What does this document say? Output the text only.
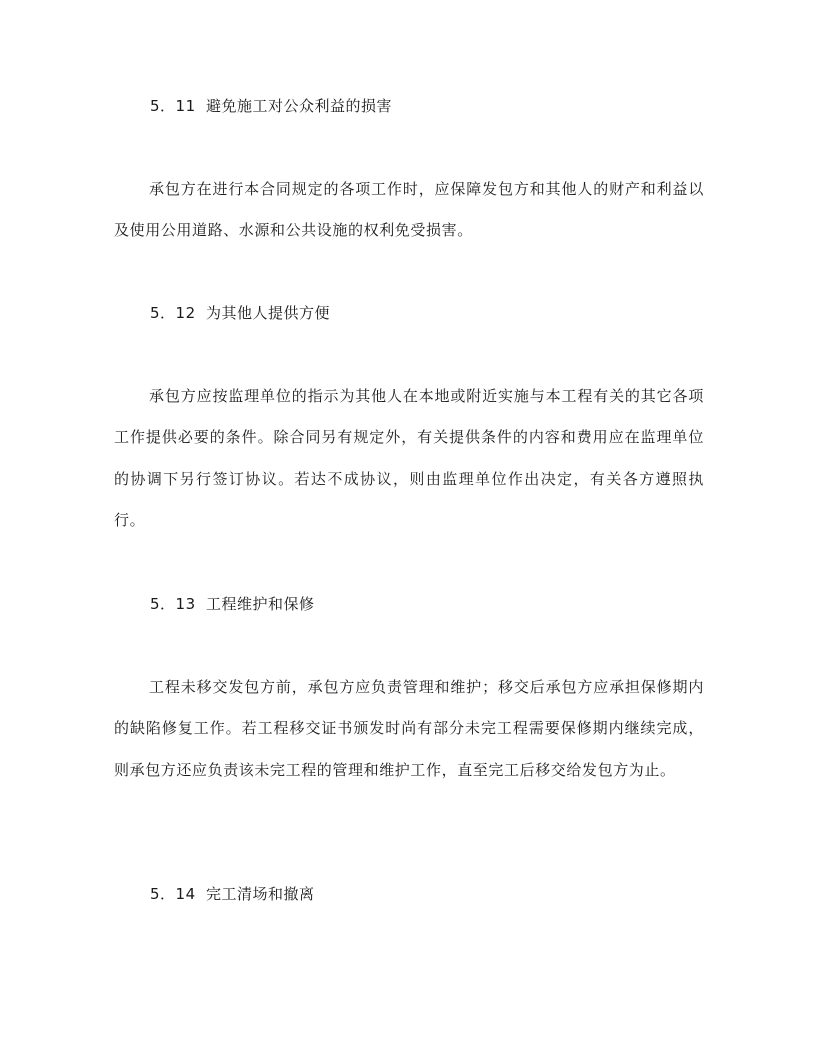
5．11 避免施工对公众利益的损害

承包方在进行本合同规定的各项工作时，应保障发包方和其他人的财产和利益以及使用公用道路、水源和公共设施的权利免受损害。

5．12 为其他人提供方便

承包方应按监理单位的指示为其他人在本地或附近实施与本工程有关的其它各项工作提供必要的条件。除合同另有规定外，有关提供条件的内容和费用应在监理单位的协调下另行签订协议。若达不成协议，则由监理单位作出决定，有关各方遵照执行。

5．13 工程维护和保修

工程未移交发包方前，承包方应负责管理和维护；移交后承包方应承担保修期内的缺陷修复工作。若工程移交证书颁发时尚有部分未完工程需要保修期内继续完成，则承包方还应负责该未完工程的管理和维护工作，直至完工后移交给发包方为止。

5．14 完工清场和撤离
